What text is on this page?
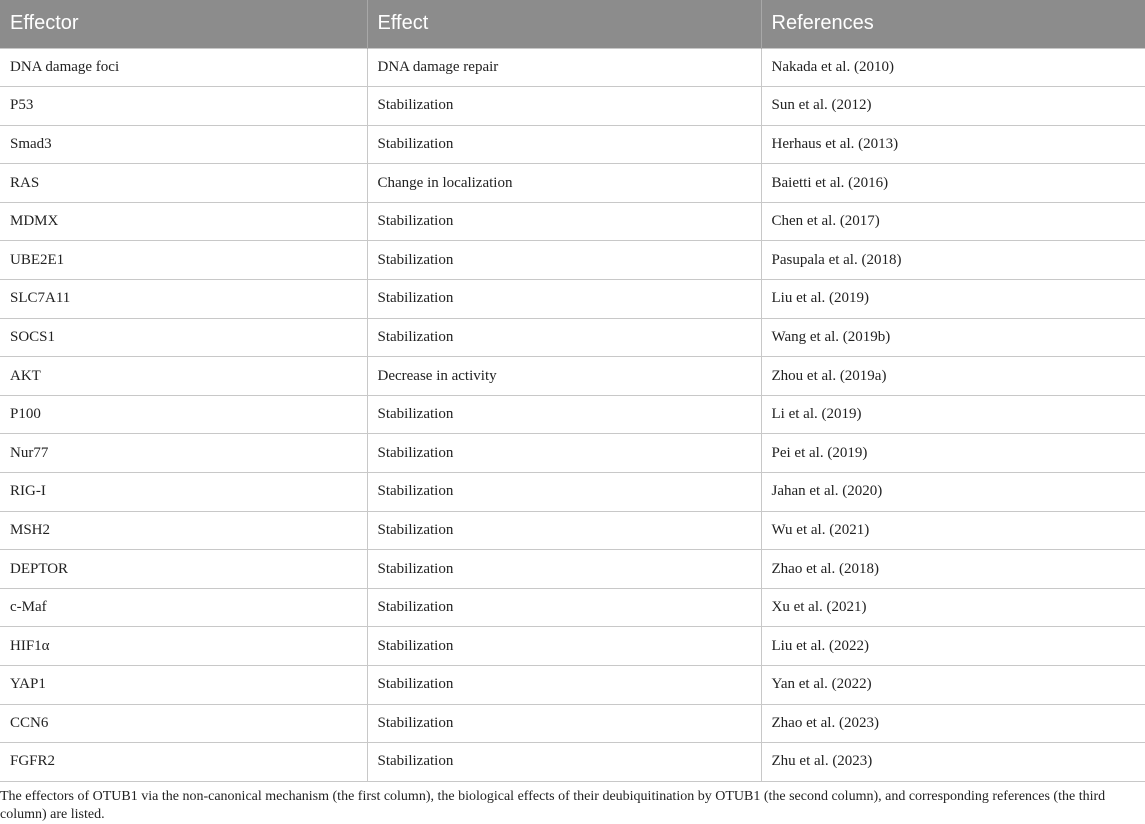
Effector	Effect	References
DNA damage foci	DNA damage repair	Nakada et al. (2010)
P53	Stabilization	Sun et al. (2012)
Smad3	Stabilization	Herhaus et al. (2013)
RAS	Change in localization	Baietti et al. (2016)
MDMX	Stabilization	Chen et al. (2017)
UBE2E1	Stabilization	Pasupala et al. (2018)
SLC7A11	Stabilization	Liu et al. (2019)
SOCS1	Stabilization	Wang et al. (2019b)
AKT	Decrease in activity	Zhou et al. (2019a)
P100	Stabilization	Li et al. (2019)
Nur77	Stabilization	Pei et al. (2019)
RIG-I	Stabilization	Jahan et al. (2020)
MSH2	Stabilization	Wu et al. (2021)
DEPTOR	Stabilization	Zhao et al. (2018)
c-Maf	Stabilization	Xu et al. (2021)
HIF1α	Stabilization	Liu et al. (2022)
YAP1	Stabilization	Yan et al. (2022)
CCN6	Stabilization	Zhao et al. (2023)
FGFR2	Stabilization	Zhu et al. (2023)
The effectors of OTUB1 via the non-canonical mechanism (the first column), the biological effects of their deubiquitination by OTUB1 (the second column), and corresponding references (the third column) are listed.
